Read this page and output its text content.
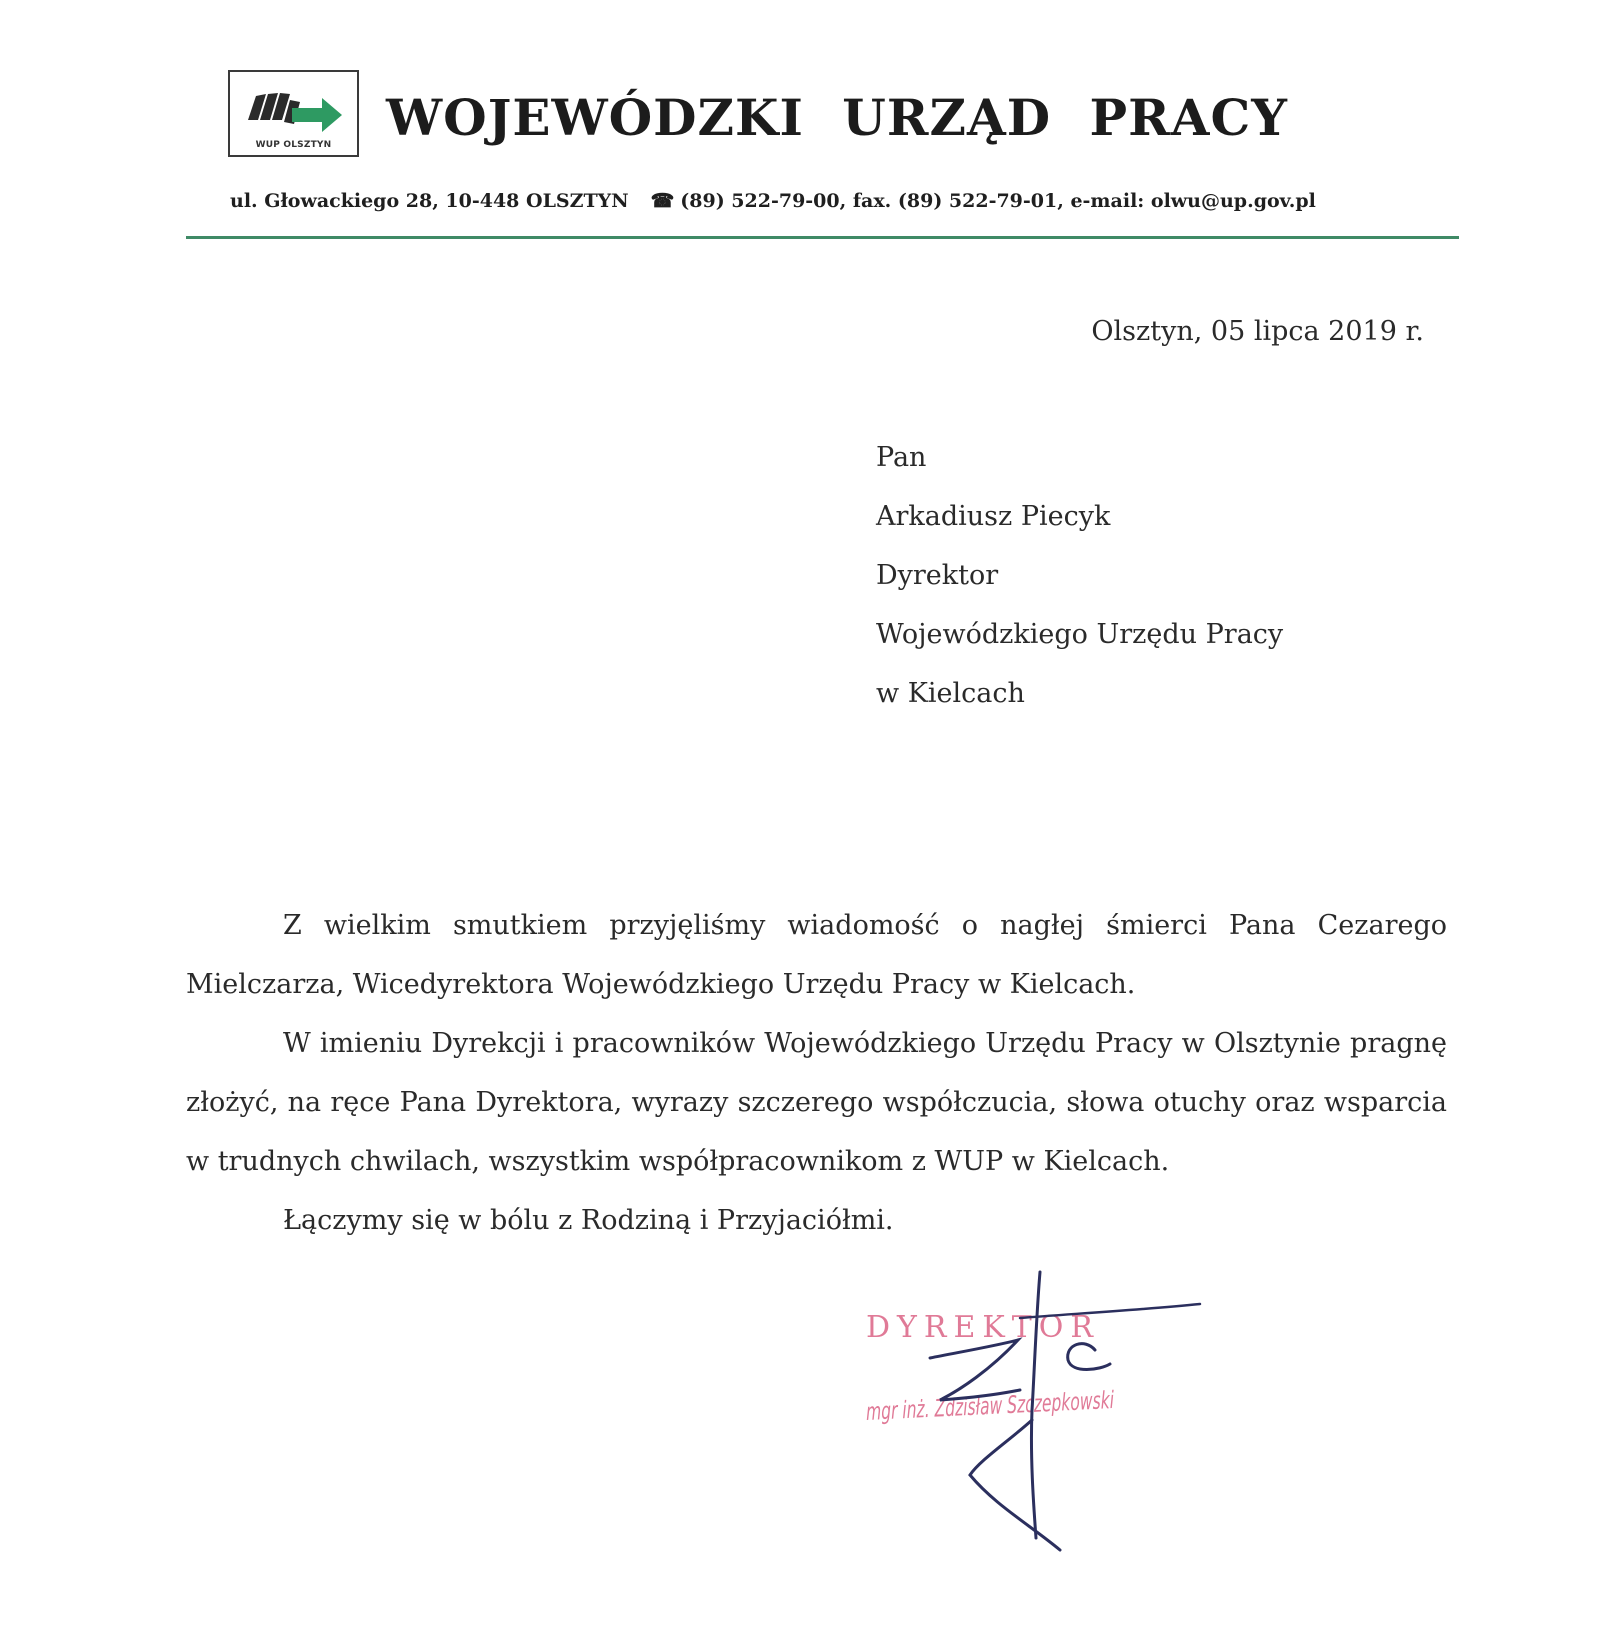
WUP OLSZTYN	WOJEWÓDZKI URZĄD PRACY
ul. Głowackiego 28, 10-448 OLSZTYN ☎ (89) 522-79-00, fax. (89) 522-79-01, e-mail: olwu@up.gov.pl
Olsztyn, 05 lipca 2019 r.
Pan
Arkadiusz Piecyk
Dyrektor
Wojewódzkiego Urzędu Pracy
w Kielcach

Z wielkim smutkiem przyjęliśmy wiadomość o nagłej śmierci Pana Cezarego Mielczarza, Wicedyrektora Wojewódzkiego Urzędu Pracy w Kielcach.

W imieniu Dyrekcji i pracowników Wojewódzkiego Urzędu Pracy w Olsztynie pragnę złożyć, na ręce Pana Dyrektora, wyrazy szczerego współczucia, słowa otuchy oraz wsparcia w trudnych chwilach, wszystkim współpracownikom z WUP w Kielcach.

Łączymy się w bólu z Rodziną i Przyjaciółmi.

DYREKTOR
mgr inż. Zdzisław Szczepkowski
